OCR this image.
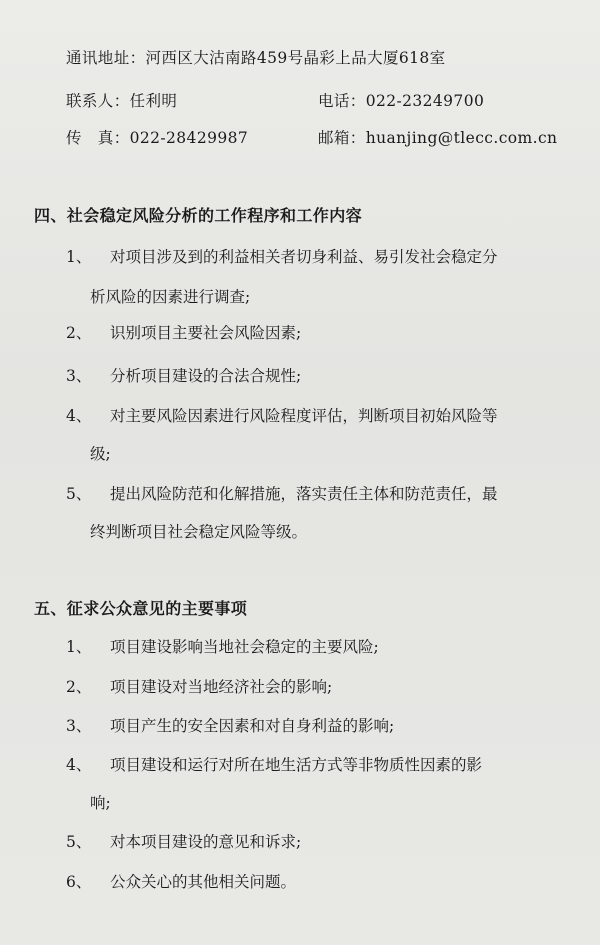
通讯地址：河西区大沽南路459号晶彩上品大厦618室
联系人：任利明	电话：022-23249700
传　真：022-28429987	邮箱：huanjing@tlecc.com.cn
四、社会稳定风险分析的工作程序和工作内容
1、 对项目涉及到的利益相关者切身利益、易引发社会稳定分
析风险的因素进行调查;
2、 识别项目主要社会风险因素;
3、 分析项目建设的合法合规性;
4、 对主要风险因素进行风险程度评估，判断项目初始风险等
级;
5、 提出风险防范和化解措施，落实责任主体和防范责任，最
终判断项目社会稳定风险等级。
五、征求公众意见的主要事项
1、 项目建设影响当地社会稳定的主要风险;
2、 项目建设对当地经济社会的影响;
3、 项目产生的安全因素和对自身利益的影响;
4、 项目建设和运行对所在地生活方式等非物质性因素的影
响;
5、 对本项目建设的意见和诉求;
6、 公众关心的其他相关问题。
